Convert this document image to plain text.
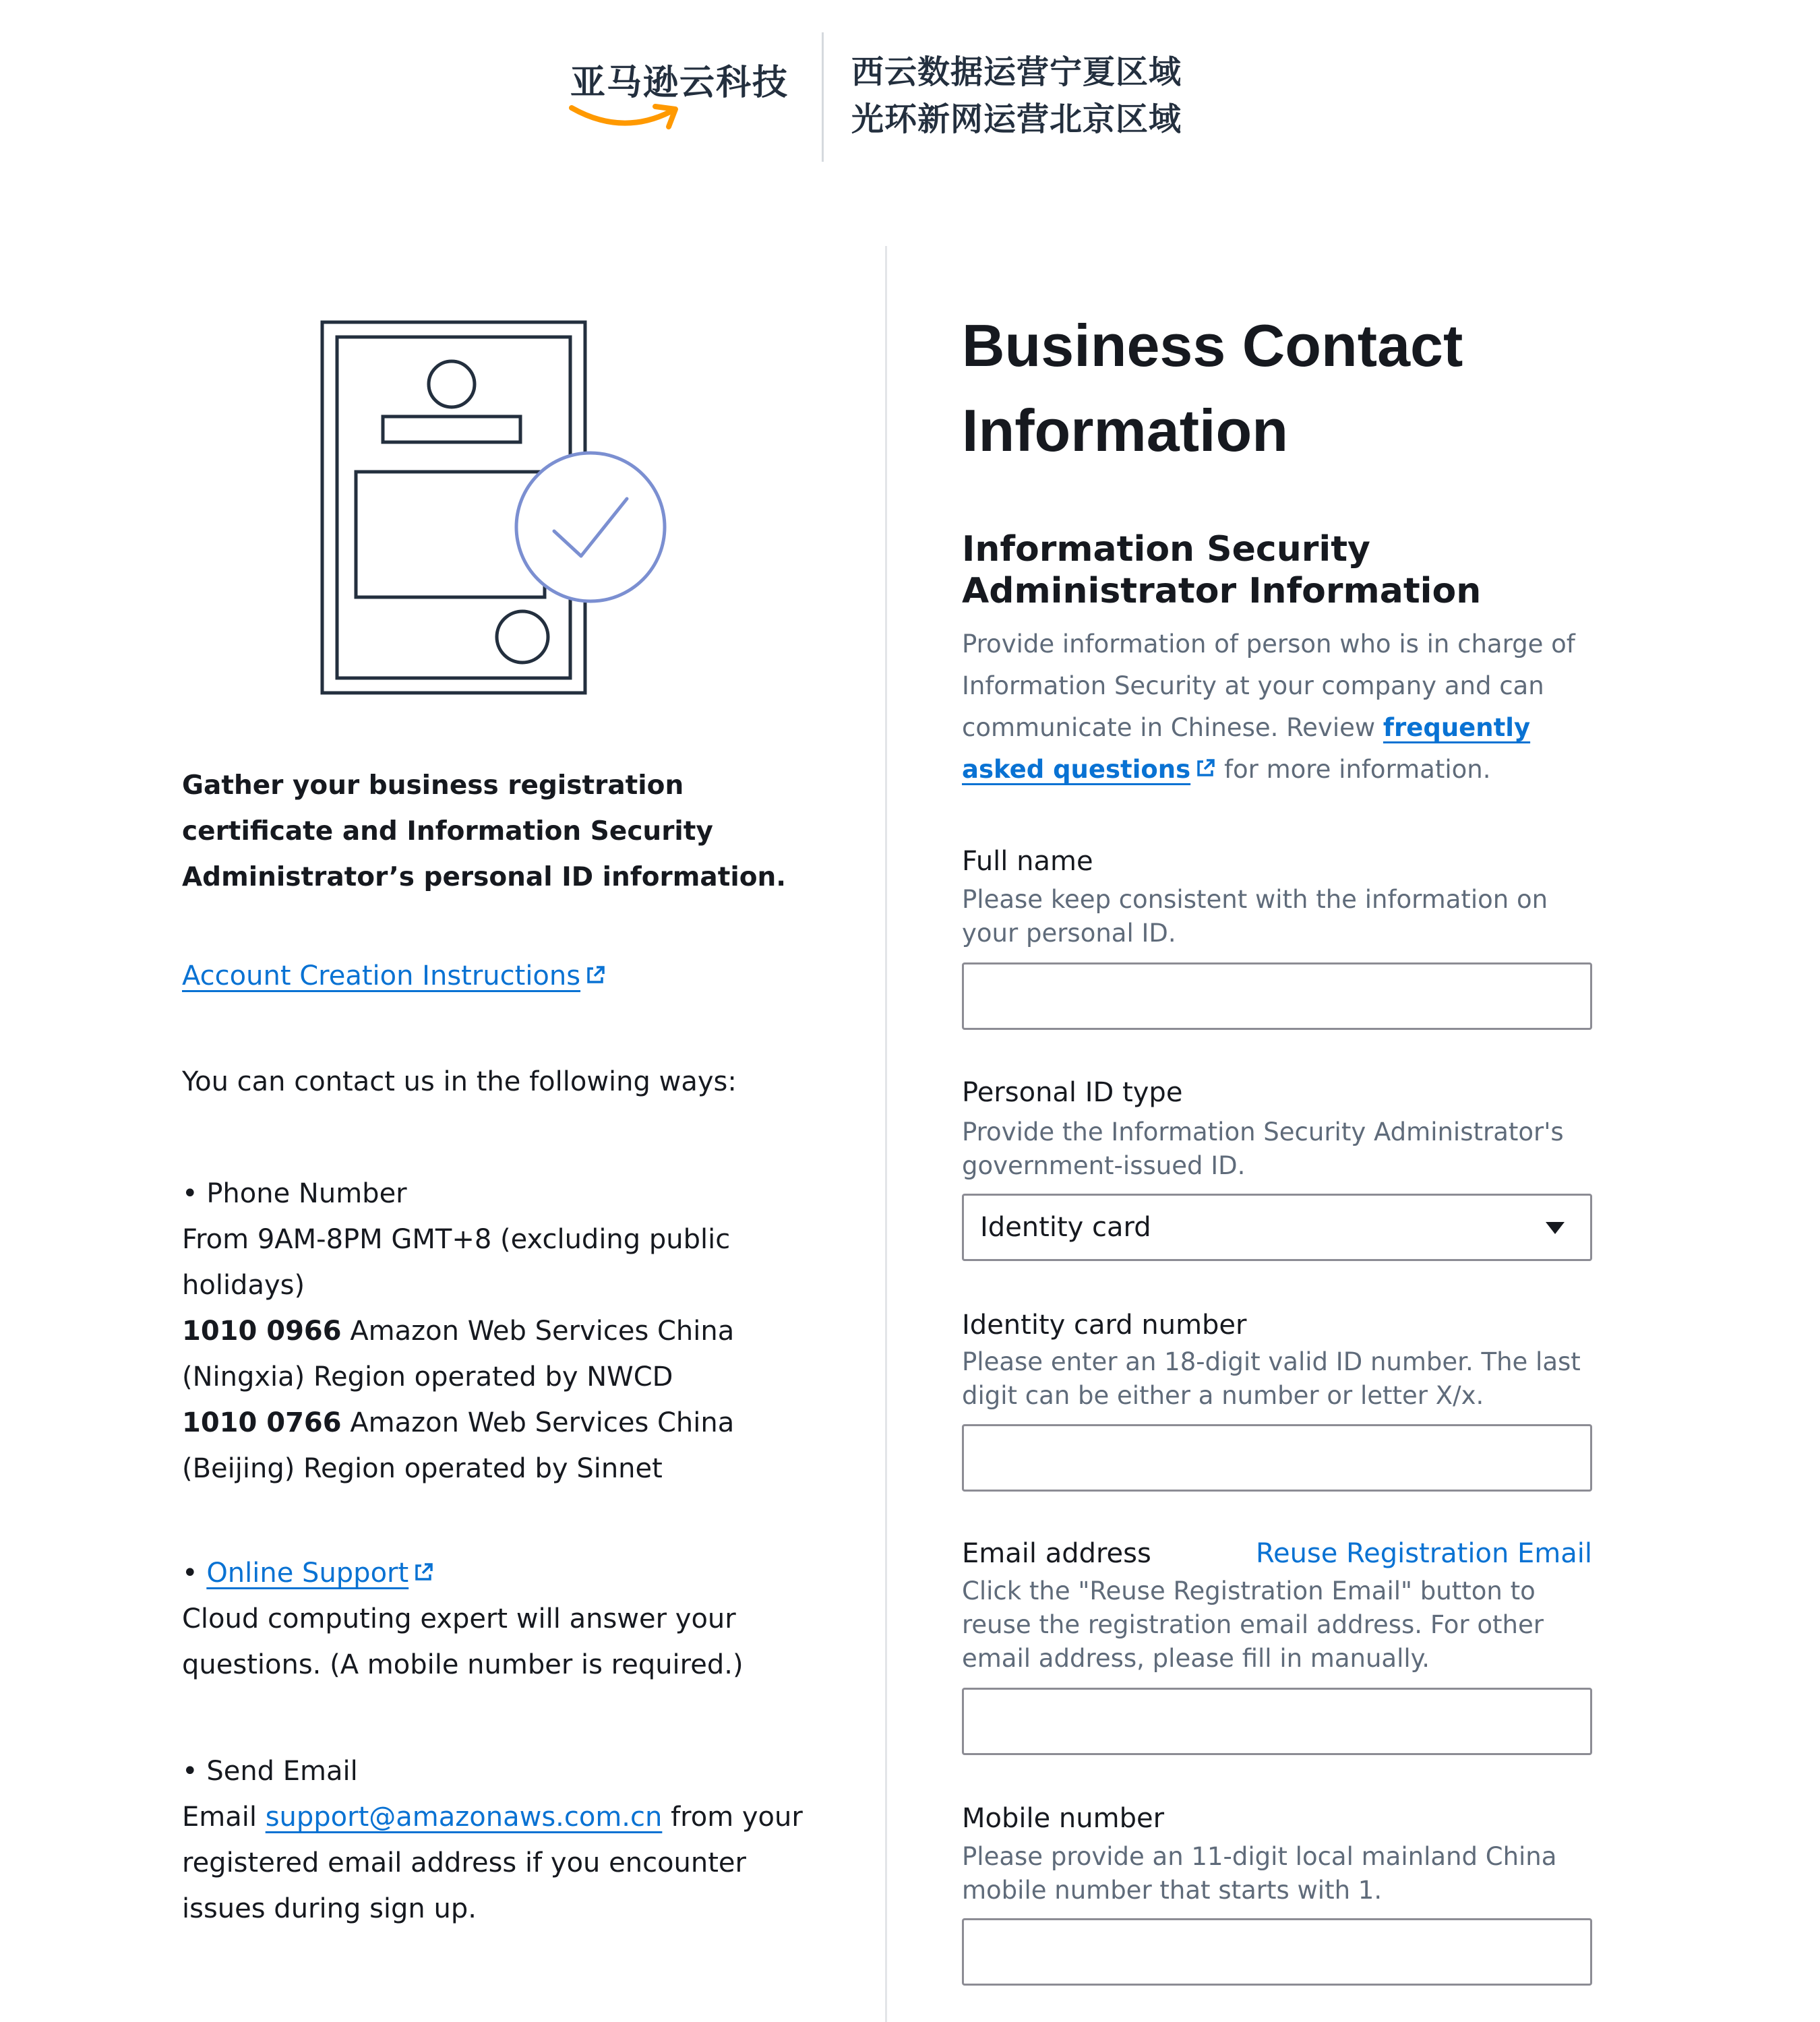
亚马逊云科技 西云数据运营宁夏区域
光环新网运营北京区域
Gather your business registration certificate and Information Security Administrator’s personal ID information.
Account Creation Instructions
You can contact us in the following ways:
• Phone Number
From 9AM-8PM GMT+8 (excluding public holidays)
1010 0966 Amazon Web Services China (Ningxia) Region operated by NWCD
1010 0766 Amazon Web Services China (Beijing) Region operated by Sinnet
• Online Support
Cloud computing expert will answer your questions. (A mobile number is required.)
• Send Email
Email support@amazonaws.com.cn from your registered email address if you encounter issues during sign up.
Business Contact Information
Information Security Administrator Information

Provide information of person who is in charge of Information Security at your company and can communicate in Chinese. Review frequently asked questions for more information.

Full name
Please keep consistent with the information on your personal ID.
Personal ID type
Provide the Information Security Administrator's government-issued ID.
Identity card
Identity card number
Please enter an 18-digit valid ID number. The last digit can be either a number or letter X/x.
Email address	Reuse Registration Email
Click the "Reuse Registration Email" button to reuse the registration email address. For other email address, please fill in manually.
Mobile number
Please provide an 11-digit local mainland China mobile number that starts with 1.
